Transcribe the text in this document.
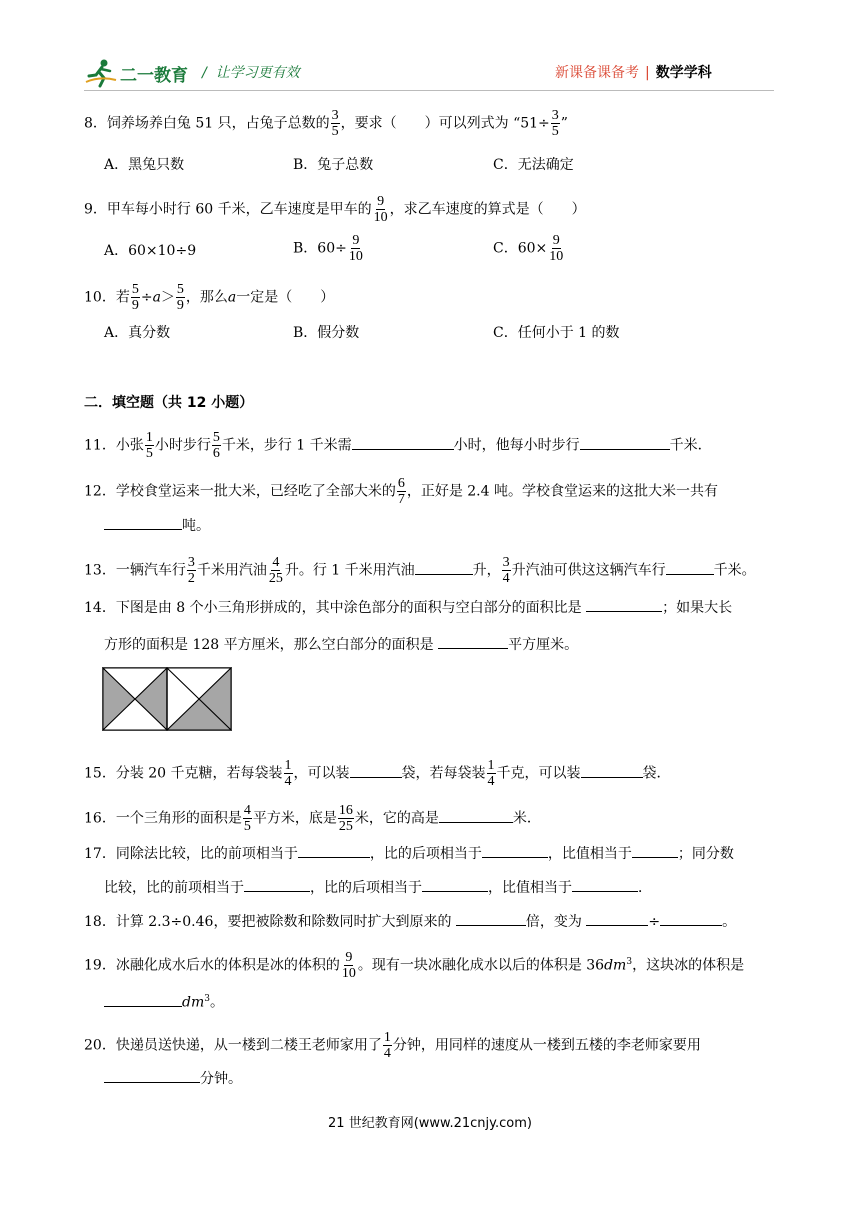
二一教育 / 让学习更有效	新课备课备考 | 数学学科
8．饲养场养白兔 51 只，占兔子总数的 $\frac{3}{5}$ ，要求（　　）可以列式为 “$51\div \frac{3}{5}$ ”
A．黑兔只数	B．兔子总数	C．无法确定
9．甲车每小时行 60 千米，乙车速度是甲车的 $\frac{9}{10}$ ，求乙车速度的算式是（　　）
A．60×10÷9	B．$60\div \frac{9}{10}$	C．$60\times \frac{9}{10}$
10．若 $\frac{5}{9} \div a> \frac{5}{9}$ ，那么a一定是（　　）
A．真分数	B．假分数	C．任何小于 1 的数
二．填空题（共 12 小题）
11．小张 $\frac{1}{5}$ 小时步行 $\frac{5}{6}$ 千米，步行 1 千米需	小时，他每小时步行	千米．
12．学校食堂运来一批大米，已经吃了全部大米的 $\frac{6}{7}$ ，正好是 2.4 吨。学校食堂运来的这批大米一共有
吨。
13．一辆汽车行 $\frac{3}{2}$ 千米用汽油 $\frac{4}{25}$ 升。行 1 千米用汽油	升， $\frac{3}{4}$ 升汽油可供这这辆汽车行	千米。
14．下图是由 8 个小三角形拼成的，其中涂色部分的面积与空白部分的面积比是	；如果大长
方形的面积是 128 平方厘米，那么空白部分的面积是	平方厘米。
15．分装 20 千克糖，若每袋装 $\frac{1}{4}$ ，可以装	袋，若每袋装 $\frac{1}{4}$ 千克，可以装	袋．
16．一个三角形的面积是 $\frac{4}{5}$ 平方米，底是 $\frac{16}{25}$ 米，它的高是	米．
17．同除法比较，比的前项相当于	，比的后项相当于	，比值相当于	；同分数
比较，比的前项相当于	，比的后项相当于	，比值相当于	．
18．计算 2.3÷0.46，要把被除数和除数同时扩大到原来的	倍，变为	÷	。
19．冰融化成水后水的体积是冰的体积的 $\frac{9}{10}$ 。现有一块冰融化成水以后的体积是 $36dm^3$，这块冰的体积是
$dm^3$。
20．快递员送快递，从一楼到二楼王老师家用了 $\frac{1}{4}$ 分钟，用同样的速度从一楼到五楼的李老师家要用
分钟。
21 世纪教育网(www.21cnjy.com)
